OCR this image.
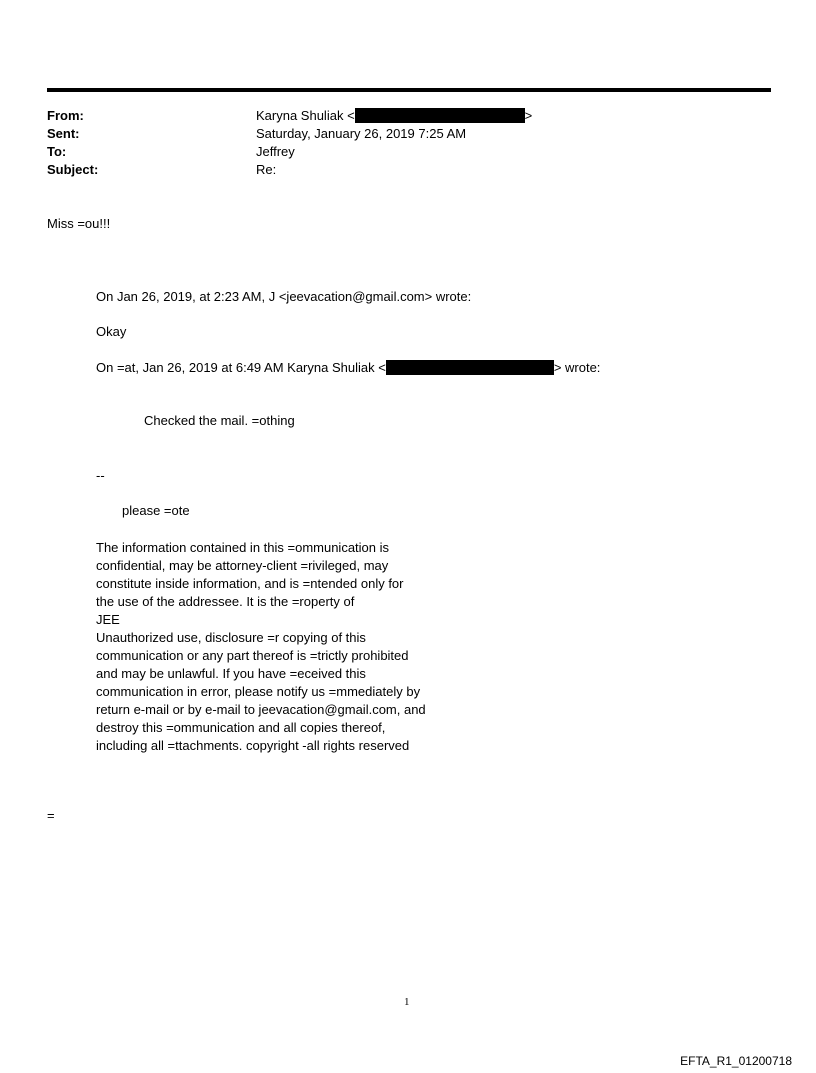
From:	Karyna Shuliak <	>
Sent:	Saturday, January 26, 2019 7:25 AM
To:	Jeffrey
Subject:	Re:
Miss =ou!!!
On Jan 26, 2019, at 2:23 AM, J <jeevacation@gmail.com> wrote:
Okay
On =at, Jan 26, 2019 at 6:49 AM Karyna Shuliak <	> wrote:
Checked the mail. =othing
--
please =ote
The information contained in this =ommunication is
confidential, may be attorney-client =rivileged, may
constitute inside information, and is =ntended only for
the use of the addressee. It is the =roperty of
JEE
Unauthorized use, disclosure =r copying of this
communication or any part thereof is =trictly prohibited
and may be unlawful. If you have =eceived this
communication in error, please notify us =mmediately by
return e-mail or by e-mail to jeevacation@gmail.com, and
destroy this =ommunication and all copies thereof,
including all =ttachments. copyright -all rights reserved
=
1
EFTA_R1_01200718
